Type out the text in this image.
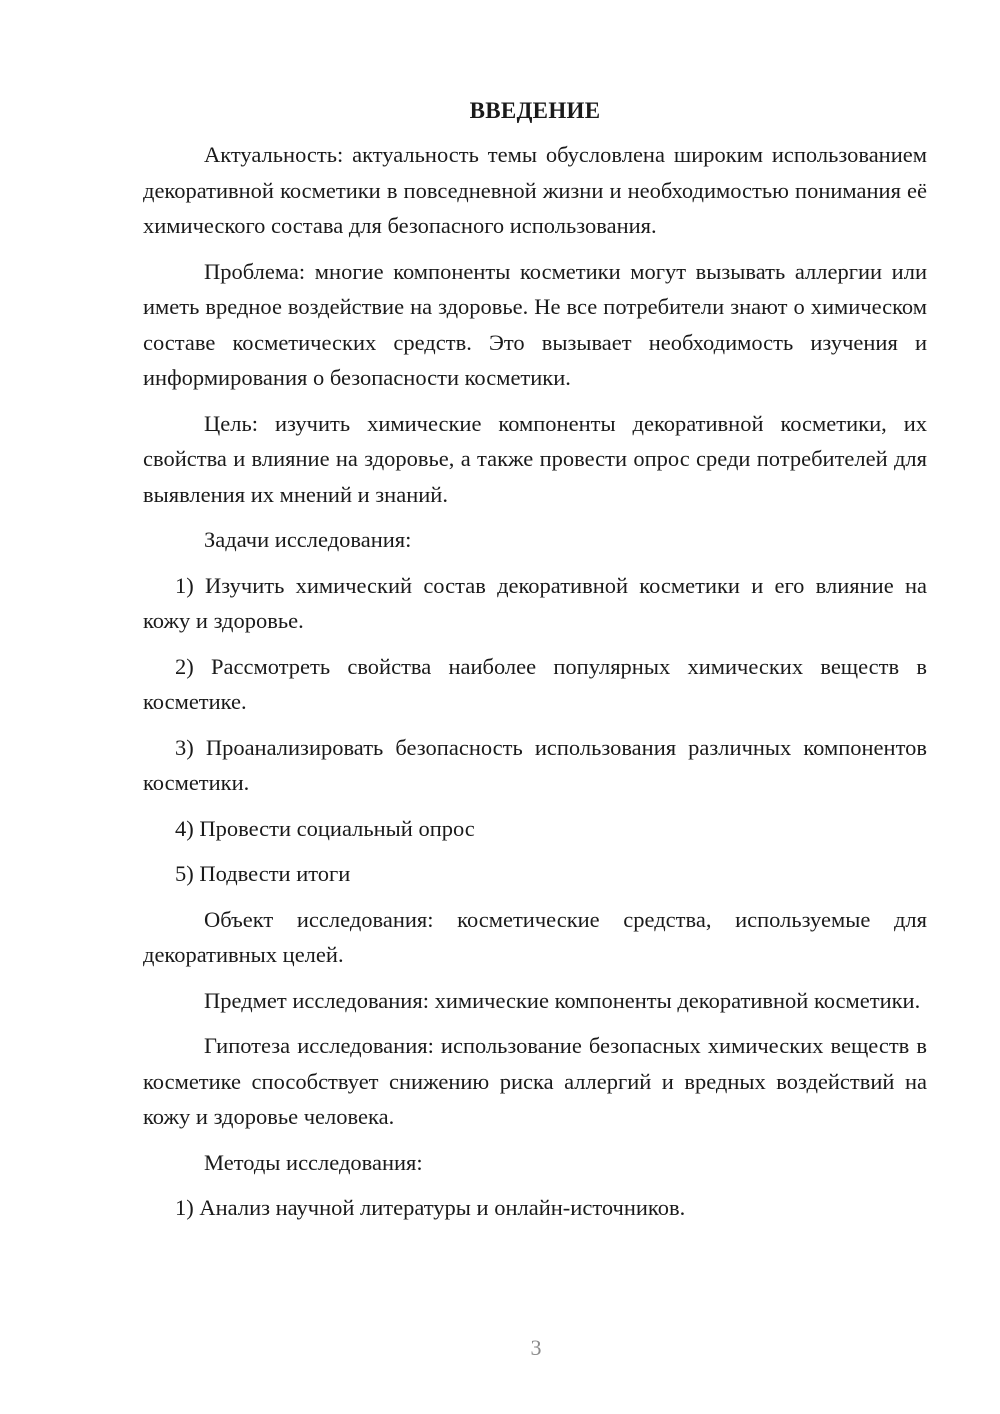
ВВЕДЕНИЕ

Актуальность: актуальность темы обусловлена широким использованием декоративной косметики в повседневной жизни и необходимостью понимания её химического состава для безопасного использования.

Проблема: многие компоненты косметики могут вызывать аллергии или иметь вредное воздействие на здоровье. Не все потребители знают о химическом составе косметических средств. Это вызывает необходимость изучения и информирования о безопасности косметики.

Цель: изучить химические компоненты декоративной косметики, их свойства и влияние на здоровье, а также провести опрос среди потребителей для выявления их мнений и знаний.

Задачи исследования:

1) Изучить химический состав декоративной косметики и его влияние на кожу и здоровье.

2) Рассмотреть свойства наиболее популярных химических веществ в косметике.

3) Проанализировать безопасность использования различных компонентов косметики.

4) Провести социальный опрос

5) Подвести итоги

Объект исследования: косметические средства, используемые для декоративных целей.

Предмет исследования: химические компоненты декоративной косметики.

Гипотеза исследования: использование безопасных химических веществ в косметике способствует снижению риска аллергий и вредных воздействий на кожу и здоровье человека.

Методы исследования:

1) Анализ научной литературы и онлайн-источников.

3
